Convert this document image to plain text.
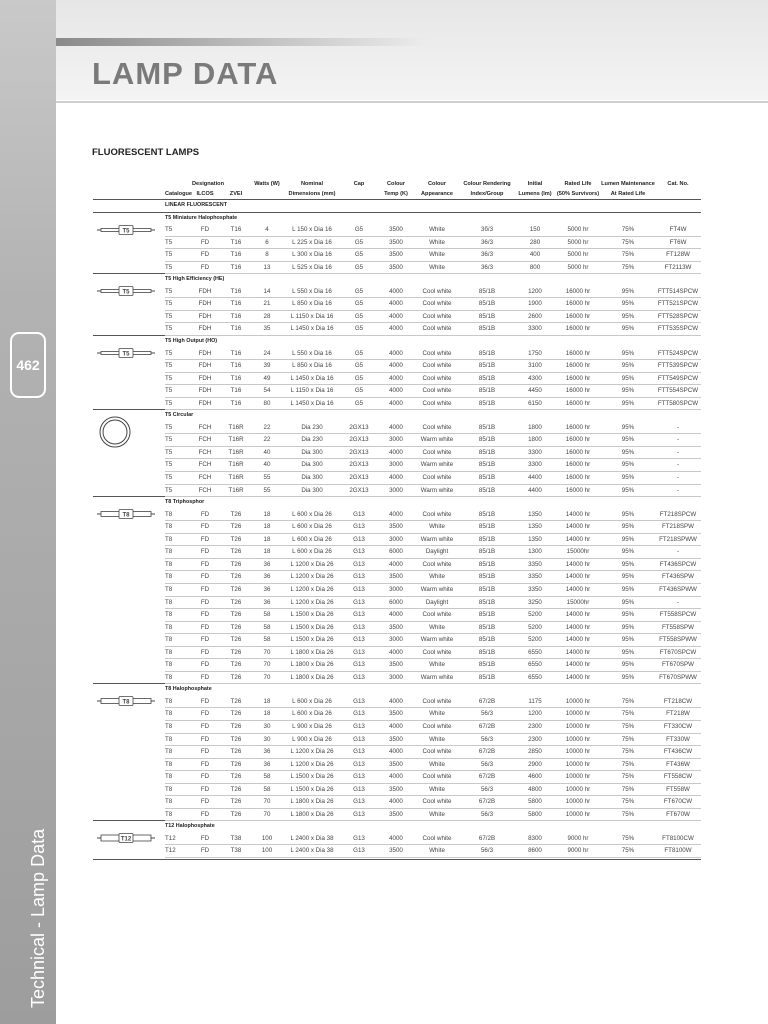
462
Technical - Lamp Data
LAMP DATA
FLUORESCENT LAMPS
	Designation			Watts (W)	Nominal	Cap	Colour	Colour	Colour Rendering	Initial	Rated Life	Lumen Maintenance	Cat. No.
	Catalogue	ILCOS	ZVEI		Dimensions (mm)		Temp (K)	Appearance	Index/Group	Lumens (lm)	(50% Survivors)	At Rated Life	
	LINEAR FLUORESCENT												

T5	T5 Miniature Halophosphate												
	T5	FD	T16	4	L 150 x Dia 16	G5	3500	White	3б/3	150	5000 hr	75%	FT4W
	T5	FD	T16	6	L 225 x Dia 16	G5	3500	White	36/3	280	5000 hr	75%	FT6W
	T5	FD	T16	8	L 300 x Dia 16	G5	3500	White	36/3	400	5000 hr	75%	FT128W
	T5	FD	T16	13	L 525 x Dia 16	G5	3500	White	36/3	800	5000 hr	75%	FT2113W

T5	T5 High Efficiency (HE)												
	T5	FDH	T16	14	L 550 x Dia 16	G5	4000	Cool white	85/1B	1200	16000 hr	95%	FTT514SPCW
	T5	FDH	T16	21	L 850 x Dia 16	G5	4000	Cool white	85/1B	1900	16000 hr	95%	FTT521SPCW
	T5	FDH	T16	28	L 1150 x Dia 16	G5	4000	Cool white	85/1B	2600	16000 hr	95%	FTT528SPCW
	T5	FDH	T16	35	L 1450 x Dia 16	G5	4000	Cool white	85/1B	3300	16000 hr	95%	FTT535SPCW

T5	T5 High Output (HO)												
	T5	FDH	T16	24	L 550 x Dia 16	G5	4000	Cool white	85/1B	1750	16000 hr	95%	FTT524SPCW
	T5	FDH	T16	39	L 850 x Dia 16	G5	4000	Cool white	85/1B	3100	16000 hr	95%	FTT539SPCW
	T5	FDH	T16	49	L 1450 x Dia 16	G5	4000	Cool white	85/1B	4300	16000 hr	95%	FTT549SPCW
	T5	FDH	T16	54	L 1150 x Dia 16	G5	4000	Cool white	85/1B	4450	16000 hr	95%	FTT554SPCW
	T5	FDH	T16	80	L 1450 x Dia 16	G5	4000	Cool white	85/1B	6150	16000 hr	95%	FTT580SPCW

	T5 Circular												
	T5	FCH	T16R	22	Dia 230	2GX13	4000	Cool white	85/1B	1800	16000 hr	95%	-
	T5	FCH	T16R	22	Dia 230	2GX13	3000	Warm white	85/1B	1800	16000 hr	95%	-
	T5	FCH	T16R	40	Dia 300	2GX13	4000	Cool white	85/1B	3300	16000 hr	95%	-
	T5	FCH	T16R	40	Dia 300	2GX13	3000	Warm white	85/1B	3300	16000 hr	95%	-
	T5	FCH	T16R	55	Dia 300	2GX13	4000	Cool white	85/1B	4400	16000 hr	95%	-
	T5	FCH	T16R	55	Dia 300	2GX13	3000	Warm white	85/1B	4400	16000 hr	95%	-

T8	T8 Triphosphor												
	T8	FD	T26	18	L 600 x Dia 26	G13	4000	Cool white	85/1B	1350	14000 hr	95%	FT218SPCW
	T8	FD	T26	18	L 600 x Dia 26	G13	3500	White	85/1B	1350	14000 hr	95%	FT218SPW
	T8	FD	T26	18	L 600 x Dia 26	G13	3000	Warm white	85/1B	1350	14000 hr	95%	FT218SPWW
	T8	FD	T26	18	L 600 x Dia 26	G13	6000	Daylight	85/1B	1300	15000hr	95%	-
	T8	FD	T26	36	L 1200 x Dia 26	G13	4000	Cool white	85/1B	3350	14000 hr	95%	FT436SPCW
	T8	FD	T26	36	L 1200 x Dia 26	G13	3500	White	85/1B	3350	14000 hr	95%	FT436SPW
	T8	FD	T26	36	L 1200 x Dia 26	G13	3000	Warm white	85/1B	3350	14000 hr	95%	FT436SPWW
	T8	FD	T26	36	L 1200 x Dia 26	G13	6000	Daylight	85/1B	3250	15000hr	95%	-
	T8	FD	T26	58	L 1500 x Dia 26	G13	4000	Cool white	85/1B	5200	14000 hr	95%	FT558SPCW
	T8	FD	T26	58	L 1500 x Dia 26	G13	3500	White	85/1B	5200	14000 hr	95%	FT558SPW
	T8	FD	T26	58	L 1500 x Dia 26	G13	3000	Warm white	85/1B	5200	14000 hr	95%	FT558SPWW
	T8	FD	T26	70	L 1800 x Dia 26	G13	4000	Cool white	85/1B	6550	14000 hr	95%	FT670SPCW
	T8	FD	T26	70	L 1800 x Dia 26	G13	3500	White	85/1B	6550	14000 hr	95%	FT670SPW
	T8	FD	T26	70	L 1800 x Dia 26	G13	3000	Warm white	85/1B	6550	14000 hr	95%	FT670SPWW

T8	T8 Halophosphate												
	T8	FD	T26	18	L 600 x Dia 26	G13	4000	Cool white	67/2B	1175	10000 hr	75%	FT218CW
	T8	FD	T26	18	L 600 x Dia 26	G13	3500	White	56/3	1200	10000 hr	75%	FT218W
	T8	FD	T26	30	L 900 x Dia 26	G13	4000	Cool white	67/2B	2300	10000 hr	75%	FT330CW
	T8	FD	T26	30	L 900 x Dia 26	G13	3500	White	56/3	2300	10000 hr	75%	FT330W
	T8	FD	T26	36	L 1200 x Dia 26	G13	4000	Cool white	67/2B	2850	10000 hr	75%	FT436CW
	T8	FD	T26	36	L 1200 x Dia 26	G13	3500	White	56/3	2900	10000 hr	75%	FT436W
	T8	FD	T26	58	L 1500 x Dia 26	G13	4000	Cool white	67/2B	4600	10000 hr	75%	FT558CW
	T8	FD	T26	58	L 1500 x Dia 26	G13	3500	White	56/3	4800	10000 hr	75%	FT558W
	T8	FD	T26	70	L 1800 x Dia 26	G13	4000	Cool white	67/2B	5800	10000 hr	75%	FT670CW
	T8	FD	T26	70	L 1800 x Dia 26	G13	3500	White	56/3	5800	10000 hr	75%	FT670W

T12	T12 Halophosphate												
	T12	FD	T38	100	L 2400 x Dia 38	G13	4000	Cool white	67/2B	8300	9000 hr	75%	FT8100CW
	T12	FD	T38	100	L 2400 x Dia 38	G13	3500	White	56/3	8600	9000 hr	75%	FT8100W
